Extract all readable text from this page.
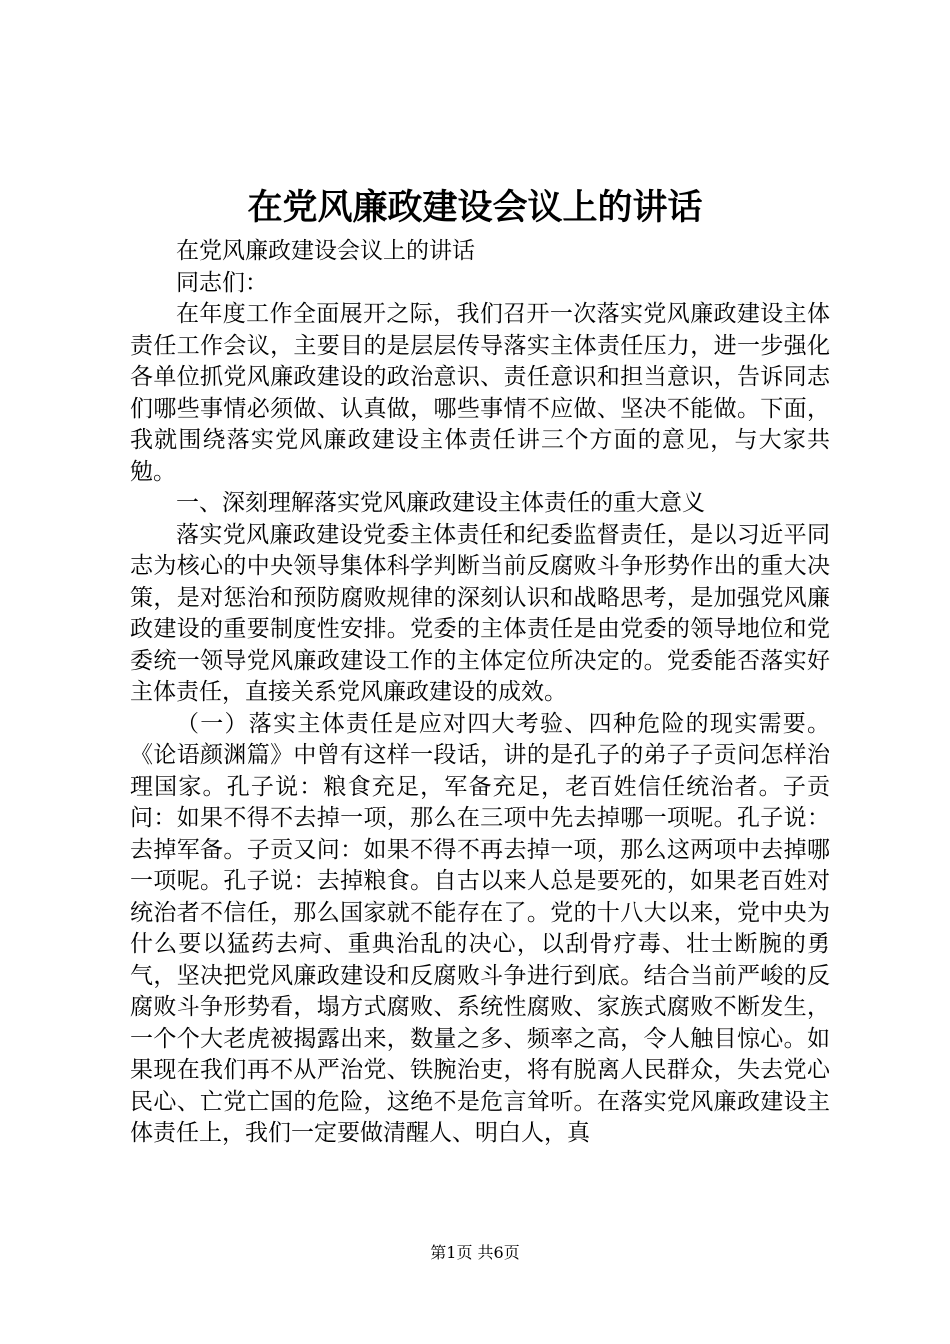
在党风廉政建设会议上的讲话

在党风廉政建设会议上的讲话

同志们：

在年度工作全面展开之际，我们召开一次落实党风廉政建设主体责任工作会议，主要目的是层层传导落实主体责任压力，进一步强化各单位抓党风廉政建设的政治意识、责任意识和担当意识，告诉同志们哪些事情必须做、认真做，哪些事情不应做、坚决不能做。下面，我就围绕落实党风廉政建设主体责任讲三个方面的意见，与大家共勉。

一、深刻理解落实党风廉政建设主体责任的重大意义

落实党风廉政建设党委主体责任和纪委监督责任，是以习近平同志为核心的中央领导集体科学判断当前反腐败斗争形势作出的重大决策，是对惩治和预防腐败规律的深刻认识和战略思考，是加强党风廉政建设的重要制度性安排。党委的主体责任是由党委的领导地位和党委统一领导党风廉政建设工作的主体定位所决定的。党委能否落实好主体责任，直接关系党风廉政建设的成效。

（一）落实主体责任是应对四大考验、四种危险的现实需要。《论语颜渊篇》中曾有这样一段话，讲的是孔子的弟子子贡问怎样治理国家。孔子说：粮食充足，军备充足，老百姓信任统治者。子贡问：如果不得不去掉一项，那么在三项中先去掉哪一项呢。孔子说：去掉军备。子贡又问：如果不得不再去掉一项，那么这两项中去掉哪一项呢。孔子说：去掉粮食。自古以来人总是要死的，如果老百姓对统治者不信任，那么国家就不能存在了。党的十八大以来，党中央为什么要以猛药去疴、重典治乱的决心，以刮骨疗毒、壮士断腕的勇气，坚决把党风廉政建设和反腐败斗争进行到底。结合当前严峻的反腐败斗争形势看，塌方式腐败、系统性腐败、家族式腐败不断发生，一个个大老虎被揭露出来，数量之多、频率之高，令人触目惊心。如果现在我们再不从严治党、铁腕治吏，将有脱离人民群众，失去党心民心、亡党亡国的危险，这绝不是危言耸听。在落实党风廉政建设主体责任上，我们一定要做清醒人、明白人，真

第1页 共6页
